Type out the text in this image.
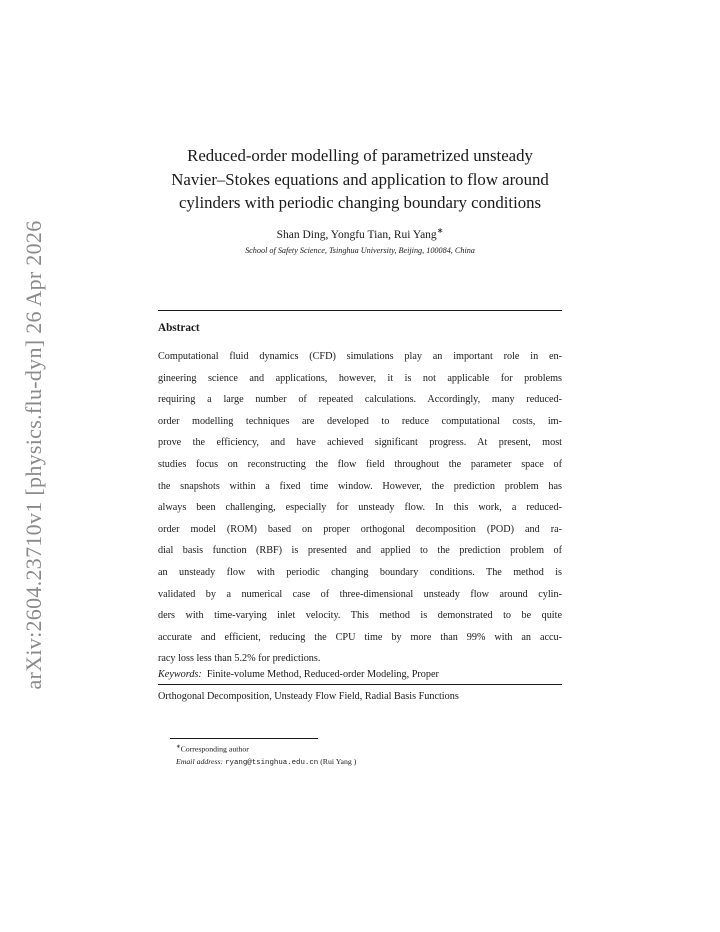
arXiv:2604.23710v1 [physics.flu-dyn] 26 Apr 2026
Reduced-order modelling of parametrized unsteady
Navier–Stokes equations and application to flow around
cylinders with periodic changing boundary conditions
Shan Ding, Yongfu Tian, Rui Yang∗
School of Safety Science, Tsinghua University, Beijing, 100084, China
Abstract
Computational fluid dynamics (CFD) simulations play an important role in en-
gineering science and applications, however, it is not applicable for problems
requiring a large number of repeated calculations. Accordingly, many reduced-
order modelling techniques are developed to reduce computational costs, im-
prove the efficiency, and have achieved significant progress. At present, most
studies focus on reconstructing the flow field throughout the parameter space of
the snapshots within a fixed time window. However, the prediction problem has
always been challenging, especially for unsteady flow. In this work, a reduced-
order model (ROM) based on proper orthogonal decomposition (POD) and ra-
dial basis function (RBF) is presented and applied to the prediction problem of
an unsteady flow with periodic changing boundary conditions. The method is
validated by a numerical case of three-dimensional unsteady flow around cylin-
ders with time-varying inlet velocity. This method is demonstrated to be quite
accurate and efficient, reducing the CPU time by more than 99% with an accu-
racy loss less than 5.2% for predictions.
Keywords: Finite-volume Method, Reduced-order Modeling, Proper
Orthogonal Decomposition, Unsteady Flow Field, Radial Basis Functions
∗Corresponding author
Email address: ryang@tsinghua.edu.cn (Rui Yang )
